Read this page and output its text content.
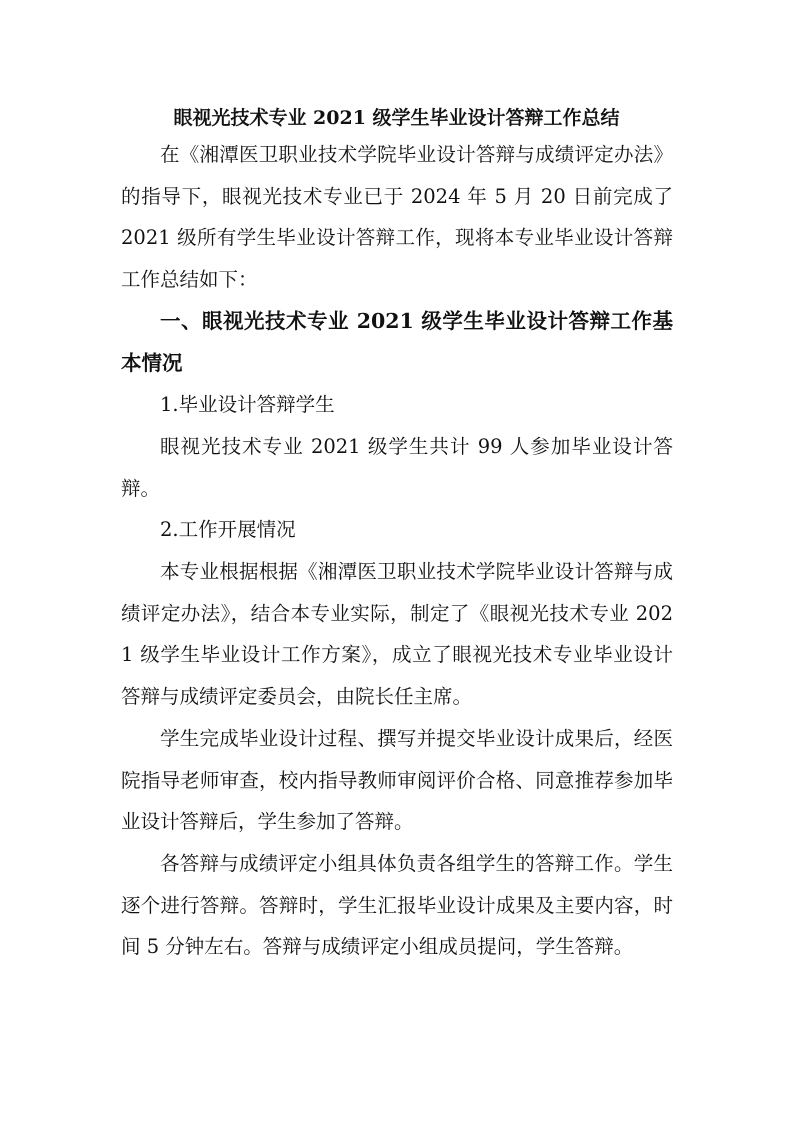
眼视光技术专业 2021 级学生毕业设计答辩工作总结

在《湘潭医卫职业技术学院毕业设计答辩与成绩评定办法》的指导下，眼视光技术专业已于 2024 年 5 月 20 日前完成了 2021 级所有学生毕业设计答辩工作，现将本专业毕业设计答辩工作总结如下：

一、眼视光技术专业 2021 级学生毕业设计答辩工作基本情况

1.毕业设计答辩学生

眼视光技术专业 2021 级学生共计 99 人参加毕业设计答辩。

2.工作开展情况

本专业根据根据《湘潭医卫职业技术学院毕业设计答辩与成绩评定办法》，结合本专业实际，制定了《眼视光技术专业 2021 级学生毕业设计工作方案》，成立了眼视光技术专业毕业设计答辩与成绩评定委员会，由院长任主席。

学生完成毕业设计过程、撰写并提交毕业设计成果后，经医院指导老师审查，校内指导教师审阅评价合格、同意推荐参加毕业设计答辩后，学生参加了答辩。

各答辩与成绩评定小组具体负责各组学生的答辩工作。学生逐个进行答辩。答辩时，学生汇报毕业设计成果及主要内容，时间 5 分钟左右。答辩与成绩评定小组成员提问，学生答辩。
